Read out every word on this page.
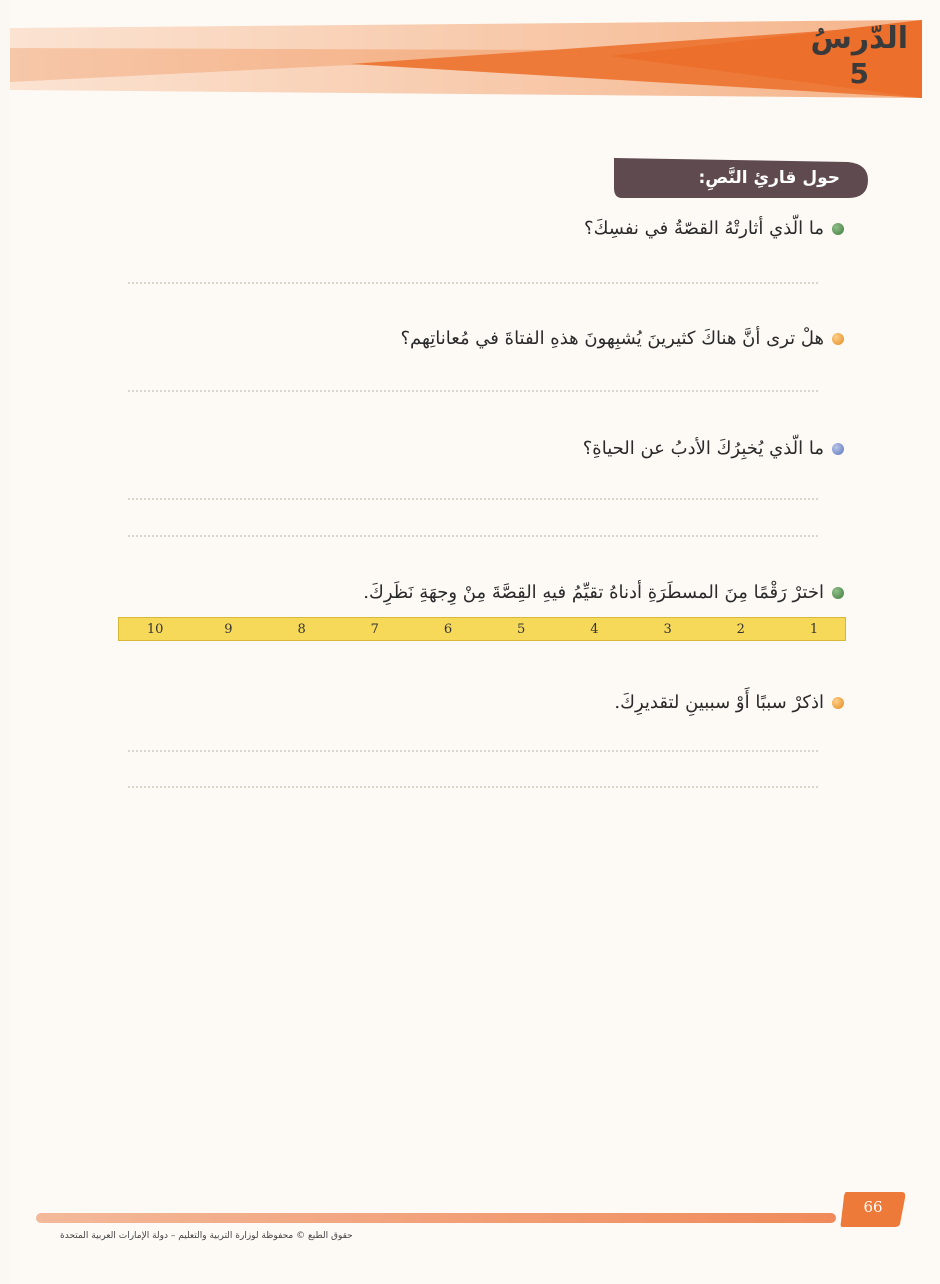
الدّرسُ
5
حول قارئِ النَّصِ:
ما الّذي أثارتْهُ القصّةُ في نفسِكَ؟
هلْ ترى أنَّ هناكَ كثيرينَ يُشبِهونَ هذهِ الفتاةَ في مُعاناتِهم؟
ما الّذي يُخبِرُكَ الأدبُ عن الحياةِ؟
اخترْ رَقْمًا مِنَ المسطَرَةِ أدناهُ تقيِّمُ فيهِ القِصَّةَ مِنْ وِجهَةِ نَظَرِكَ.
1
2
3
4
5
6
7
8
9
10
اذكرْ سببًا أَوْ سببينِ لتقديرِكَ.
66
حقوق الطبع © محفوظة لوزارة التربية والتعليم – دولة الإمارات العربية المتحدة
